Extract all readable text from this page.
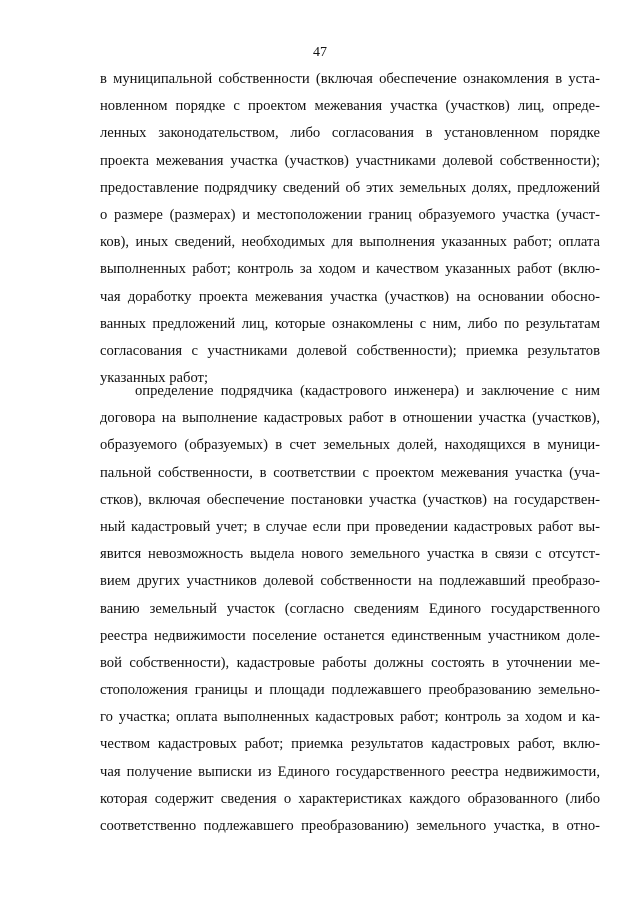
47
в муниципальной собственности (включая обеспечение ознакомления в уста-
новленном порядке с проектом межевания участка (участков) лиц, опреде-
ленных законодательством, либо согласования в установленном порядке
проекта межевания участка (участков) участниками долевой собственности);
предоставление подрядчику сведений об этих земельных долях, предложений
о размере (размерах) и местоположении границ образуемого участка (участ-
ков), иных сведений, необходимых для выполнения указанных работ; оплата
выполненных работ; контроль за ходом и качеством указанных работ (вклю-
чая доработку проекта межевания участка (участков) на основании обосно-
ванных предложений лиц, которые ознакомлены с ним, либо по результатам
согласования с участниками долевой собственности); приемка результатов
указанных работ;
определение подрядчика (кадастрового инженера) и заключение с ним
договора на выполнение кадастровых работ в отношении участка (участков),
образуемого (образуемых) в счет земельных долей, находящихся в муници-
пальной собственности, в соответствии с проектом межевания участка (уча-
стков), включая обеспечение постановки участка (участков) на государствен-
ный кадастровый учет; в случае если при проведении кадастровых работ вы-
явится невозможность выдела нового земельного участка в связи с отсутст-
вием других участников долевой собственности на подлежавший преобразо-
ванию земельный участок (согласно сведениям Единого государственного
реестра недвижимости поселение останется единственным участником доле-
вой собственности), кадастровые работы должны состоять в уточнении ме-
стоположения границы и площади подлежавшего преобразованию земельно-
го участка; оплата выполненных кадастровых работ; контроль за ходом и ка-
чеством кадастровых работ; приемка результатов кадастровых работ, вклю-
чая получение выписки из Единого государственного реестра недвижимости,
которая содержит сведения о характеристиках каждого образованного (либо
соответственно подлежавшего преобразованию) земельного участка, в отно-
